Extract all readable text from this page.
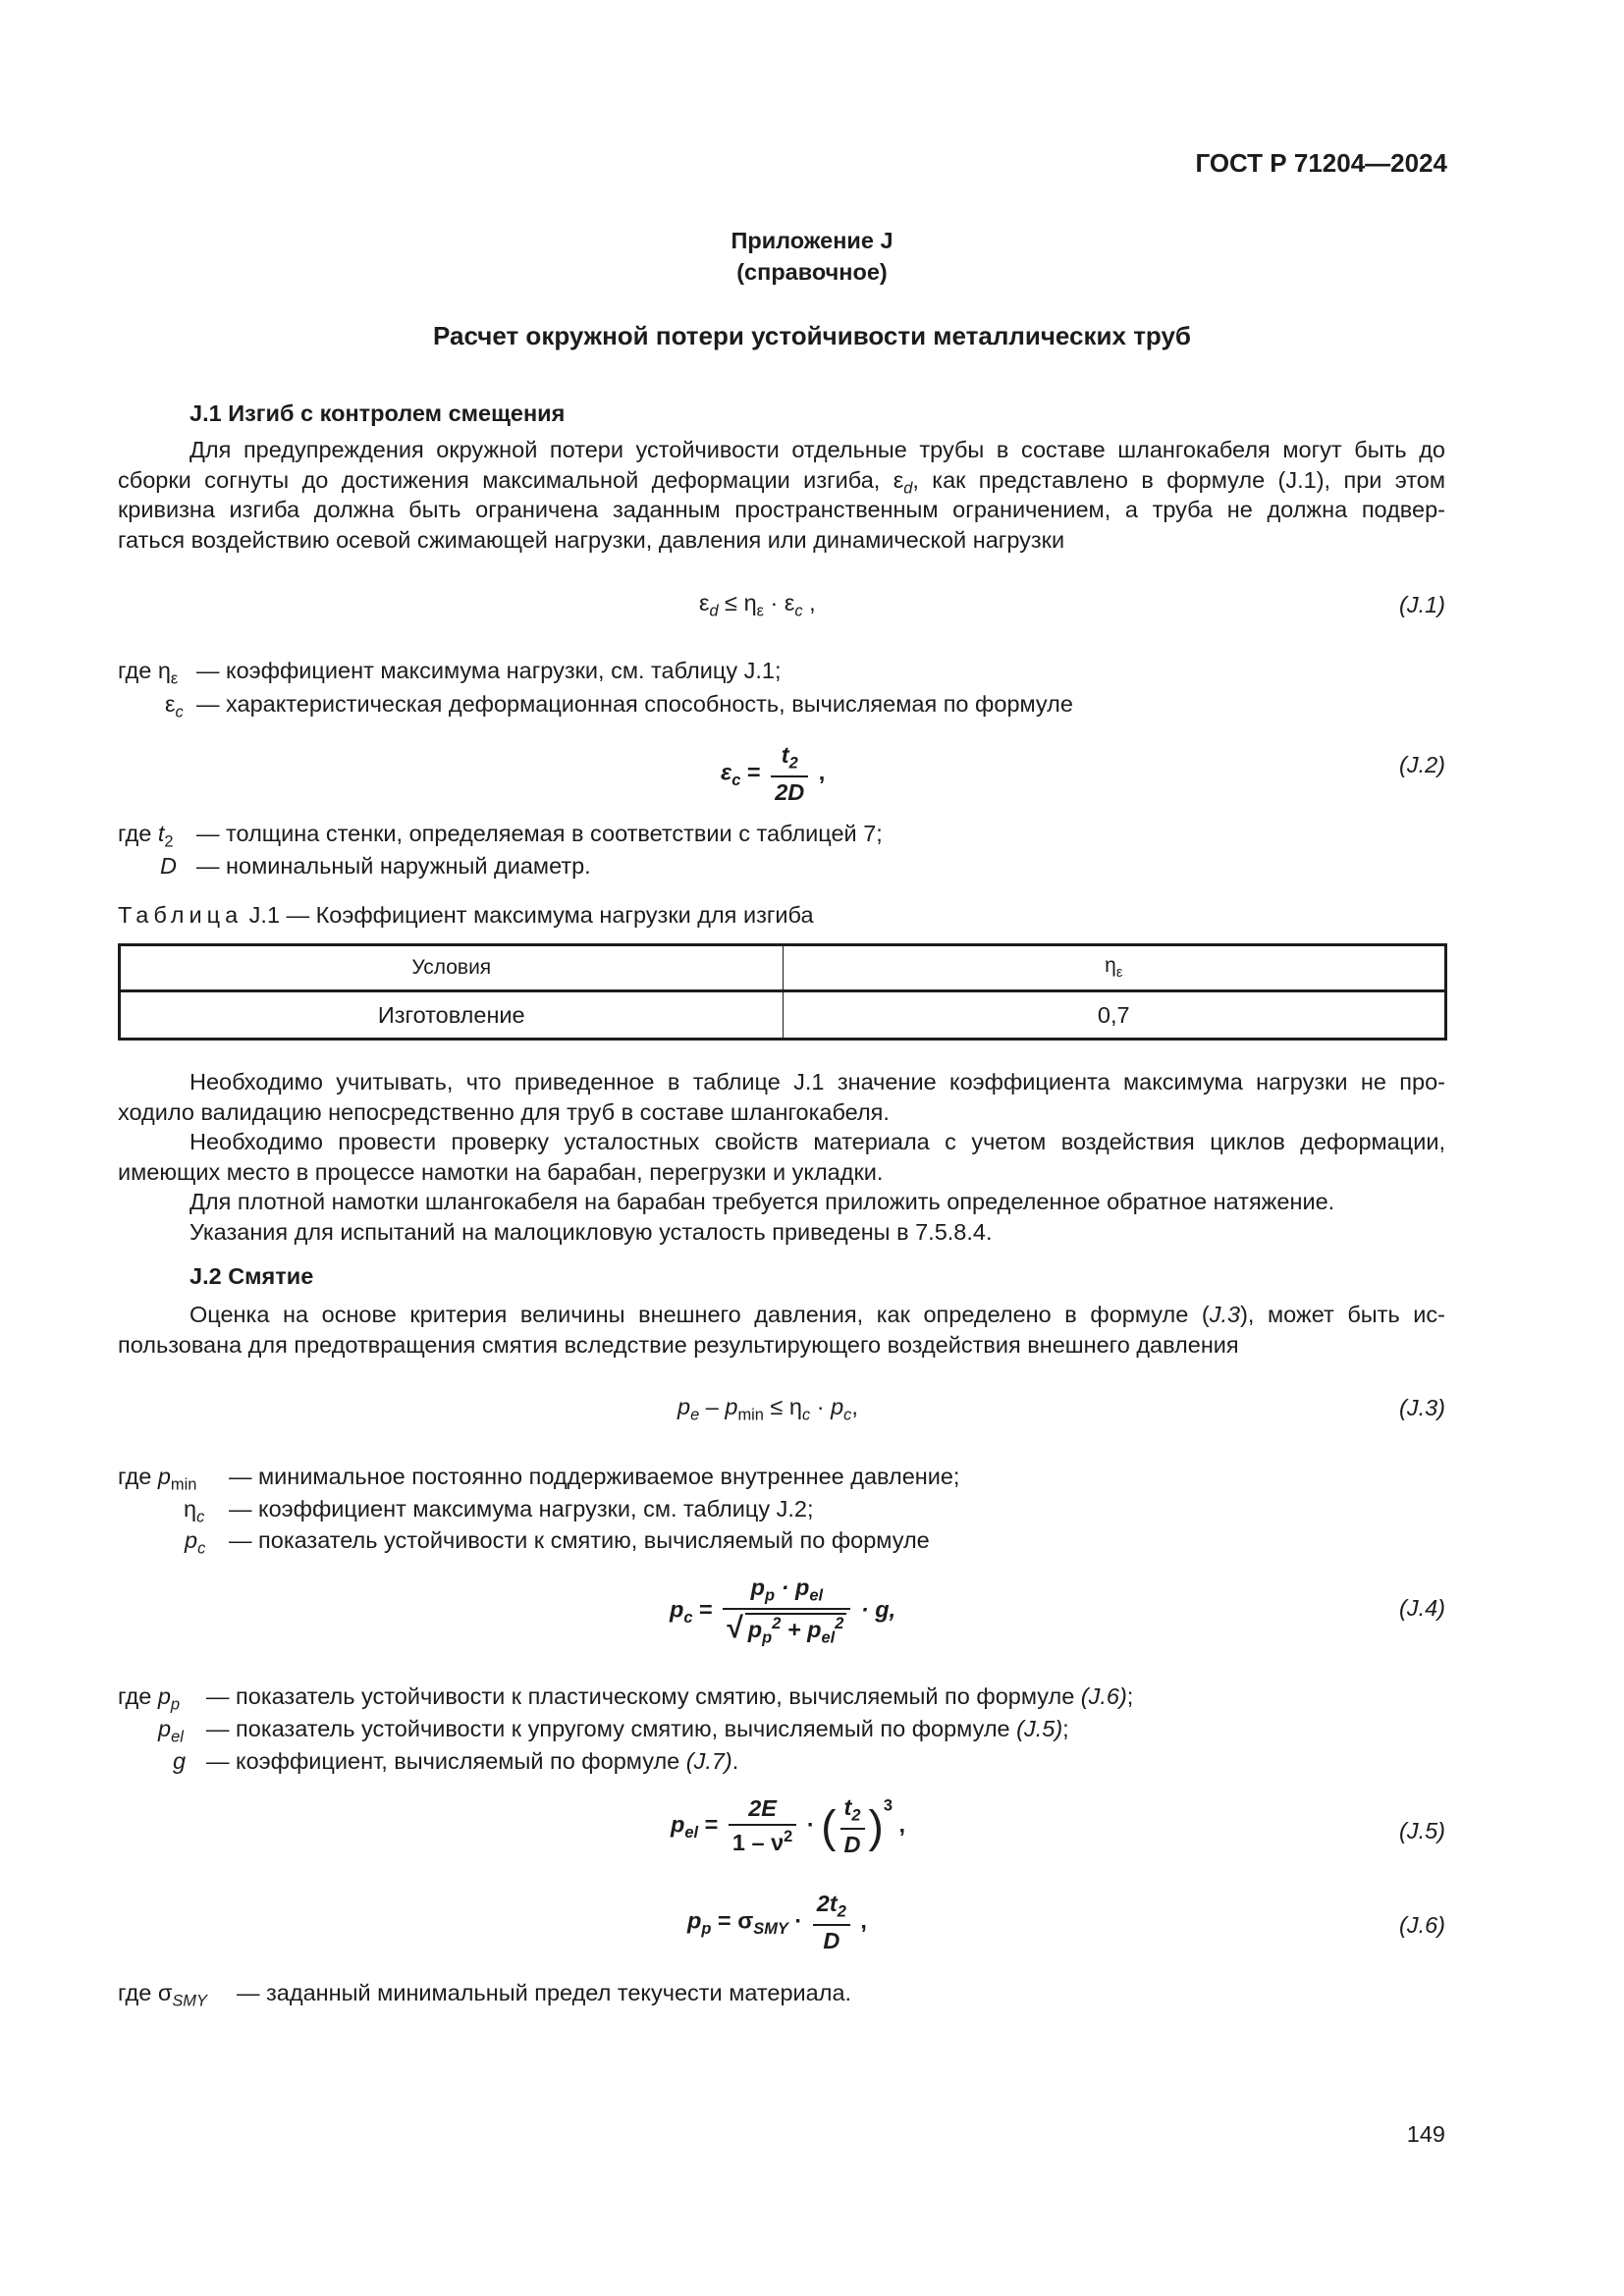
ГОСТ Р 71204—2024
Приложение J
(справочное)
Расчет окружной потери устойчивости металлических труб
J.1 Изгиб с контролем смещения
Для предупреждения окружной потери устойчивости отдельные трубы в составе шлангокабеля могут быть до
сборки согнуты до достижения максимальной деформации изгиба, $\varepsilon_d$, как представлено в формуле (J.1), при этом
кривизна изгиба должна быть ограничена заданным пространственным ограничением, а труба не должна подвер-
гаться воздействию осевой сжимающей нагрузки, давления или динамической нагрузки
$\varepsilon_d \le \eta_\varepsilon \cdot \varepsilon_c$ ,	(J.1)
где $\eta_\varepsilon$ — коэффициент максимума нагрузки, см. таблицу J.1;
$\varepsilon_c$ — характеристическая деформационная способность, вычисляемая по формуле
$\varepsilon_c = \frac{t_2}{2D}$ ,	(J.2)
где $t_2$ — толщина стенки, определяемая в соответствии с таблицей 7;
D — номинальный наружный диаметр.
Таблица J.1 — Коэффициент максимума нагрузки для изгиба
Условия	$\eta_\varepsilon$
Изготовление	0,7
Необходимо учитывать, что приведенное в таблице J.1 значение коэффициента максимума нагрузки не про-
ходило валидацию непосредственно для труб в составе шлангокабеля.
Необходимо провести проверку усталостных свойств материала с учетом воздействия циклов деформации,
имеющих место в процессе намотки на барабан, перегрузки и укладки.
Для плотной намотки шлангокабеля на барабан требуется приложить определенное обратное натяжение.
Указания для испытаний на малоцикловую усталость приведены в 7.5.8.4.
J.2 Смятие
Оценка на основе критерия величины внешнего давления, как определено в формуле (J.3), может быть ис-
пользована для предотвращения смятия вследствие результирующего воздействия внешнего давления
$p_e - p_{min} \le \eta_c \cdot p_c$,	(J.3)
где $p_{min}$ — минимальное постоянно поддерживаемое внутреннее давление;
$\eta_c$ — коэффициент максимума нагрузки, см. таблицу J.2;
$p_c$ — показатель устойчивости к смятию, вычисляемый по формуле
$p_c = \frac{p_p \cdot p_{el}}{√ p_p^2 + p_{el}^2} \cdot g$,	(J.4)
где $p_p$ — показатель устойчивости к пластическому смятию, вычисляемый по формуле (J.6);
$p_{el}$ — показатель устойчивости к упругому смятию, вычисляемый по формуле (J.5);
g — коэффициент, вычисляемый по формуле (J.7).
$p_{el} = \frac{2E}{1 - \nu^2}$ · ( $\frac{t_2}{D} )^3$ ,	(J.5)
$p_p = \sigma_{SMY} \cdot \frac{2t_2}{D}$ ,	(J.6)
где $\sigma_{SMY}$ — заданный минимальный предел текучести материала.
149
